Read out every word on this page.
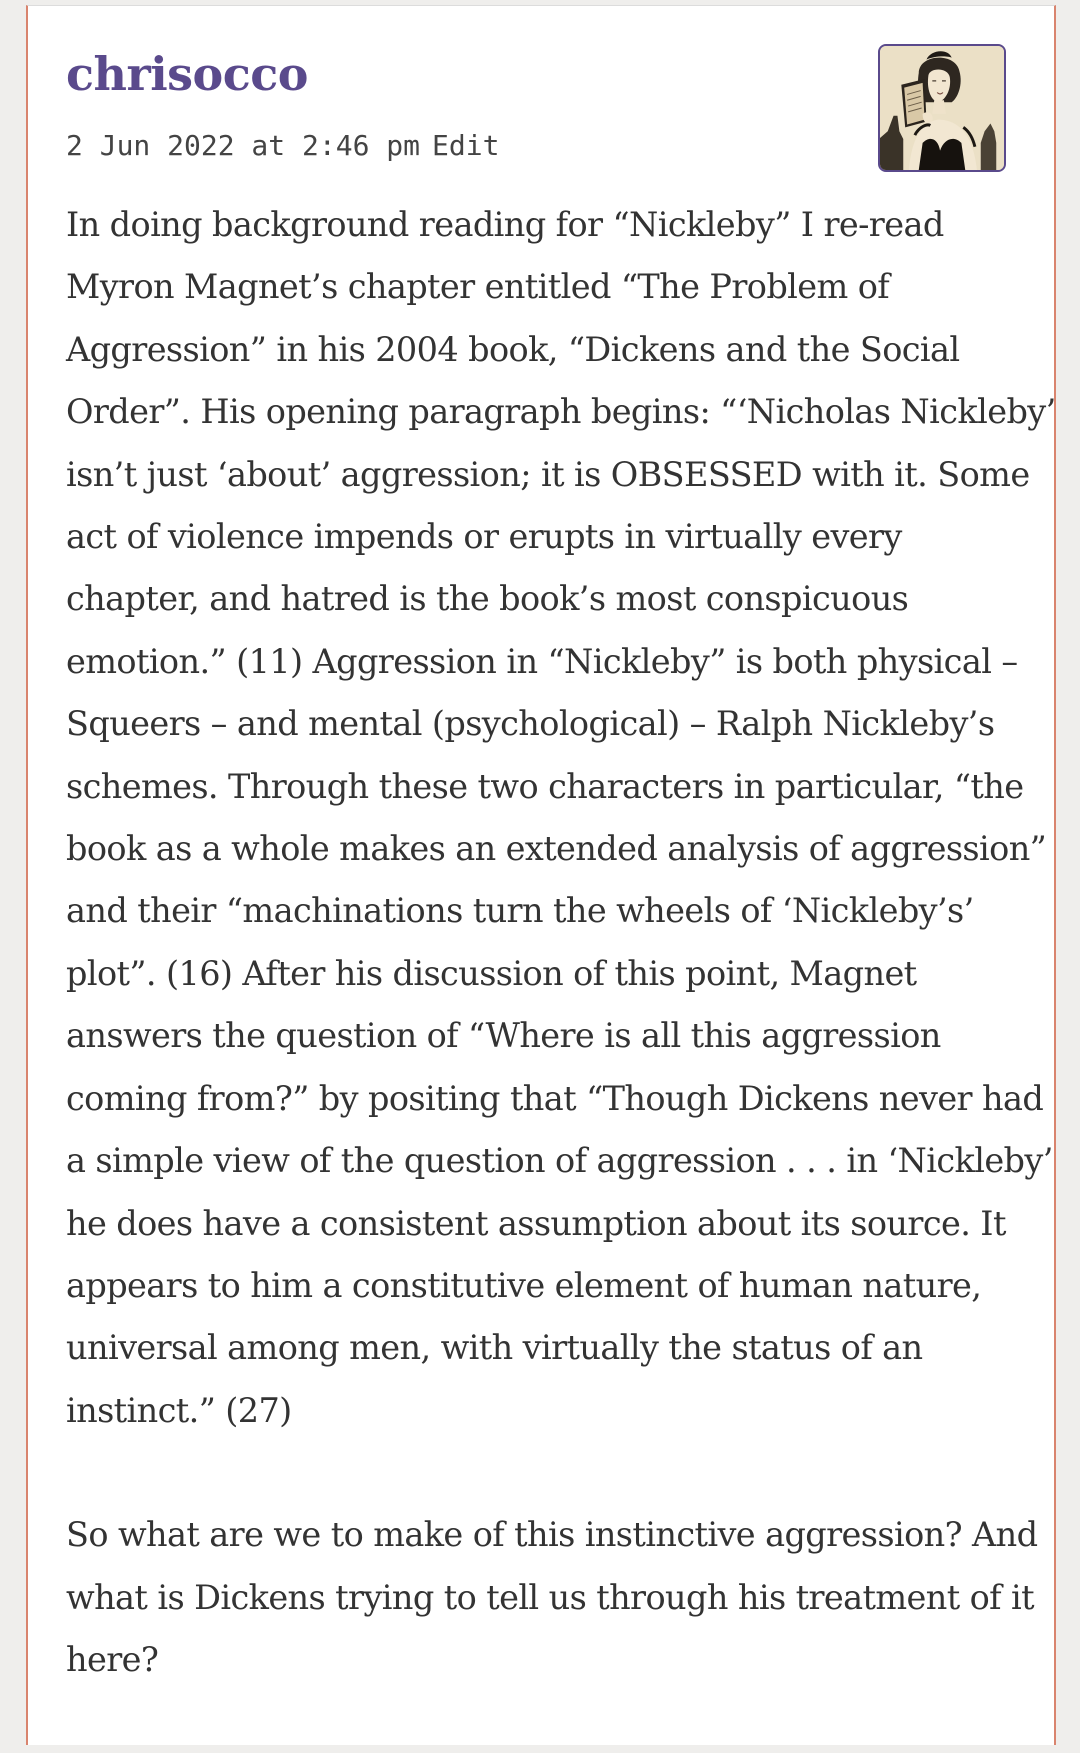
chrisocco
2 Jun 2022 at 2:46 pm Edit

In doing background reading for “Nickleby” I re-read
Myron Magnet’s chapter entitled “The Problem of
Aggression” in his 2004 book, “Dickens and the Social
Order”. His opening paragraph begins: “‘Nicholas Nickleby’
isn’t just ‘about’ aggression; it is OBSESSED with it. Some
act of violence impends or erupts in virtually every
chapter, and hatred is the book’s most conspicuous
emotion.” (11) Aggression in “Nickleby” is both physical –
Squeers – and mental (psychological) – Ralph Nickleby’s
schemes. Through these two characters in particular, “the
book as a whole makes an extended analysis of aggression”
and their “machinations turn the wheels of ‘Nickleby’s’
plot”. (16) After his discussion of this point, Magnet
answers the question of “Where is all this aggression
coming from?” by positing that “Though Dickens never had
a simple view of the question of aggression . . . in ‘Nickleby’
he does have a consistent assumption about its source. It
appears to him a constitutive element of human nature,
universal among men, with virtually the status of an
instinct.” (27)

So what are we to make of this instinctive aggression? And
what is Dickens trying to tell us through his treatment of it
here?
